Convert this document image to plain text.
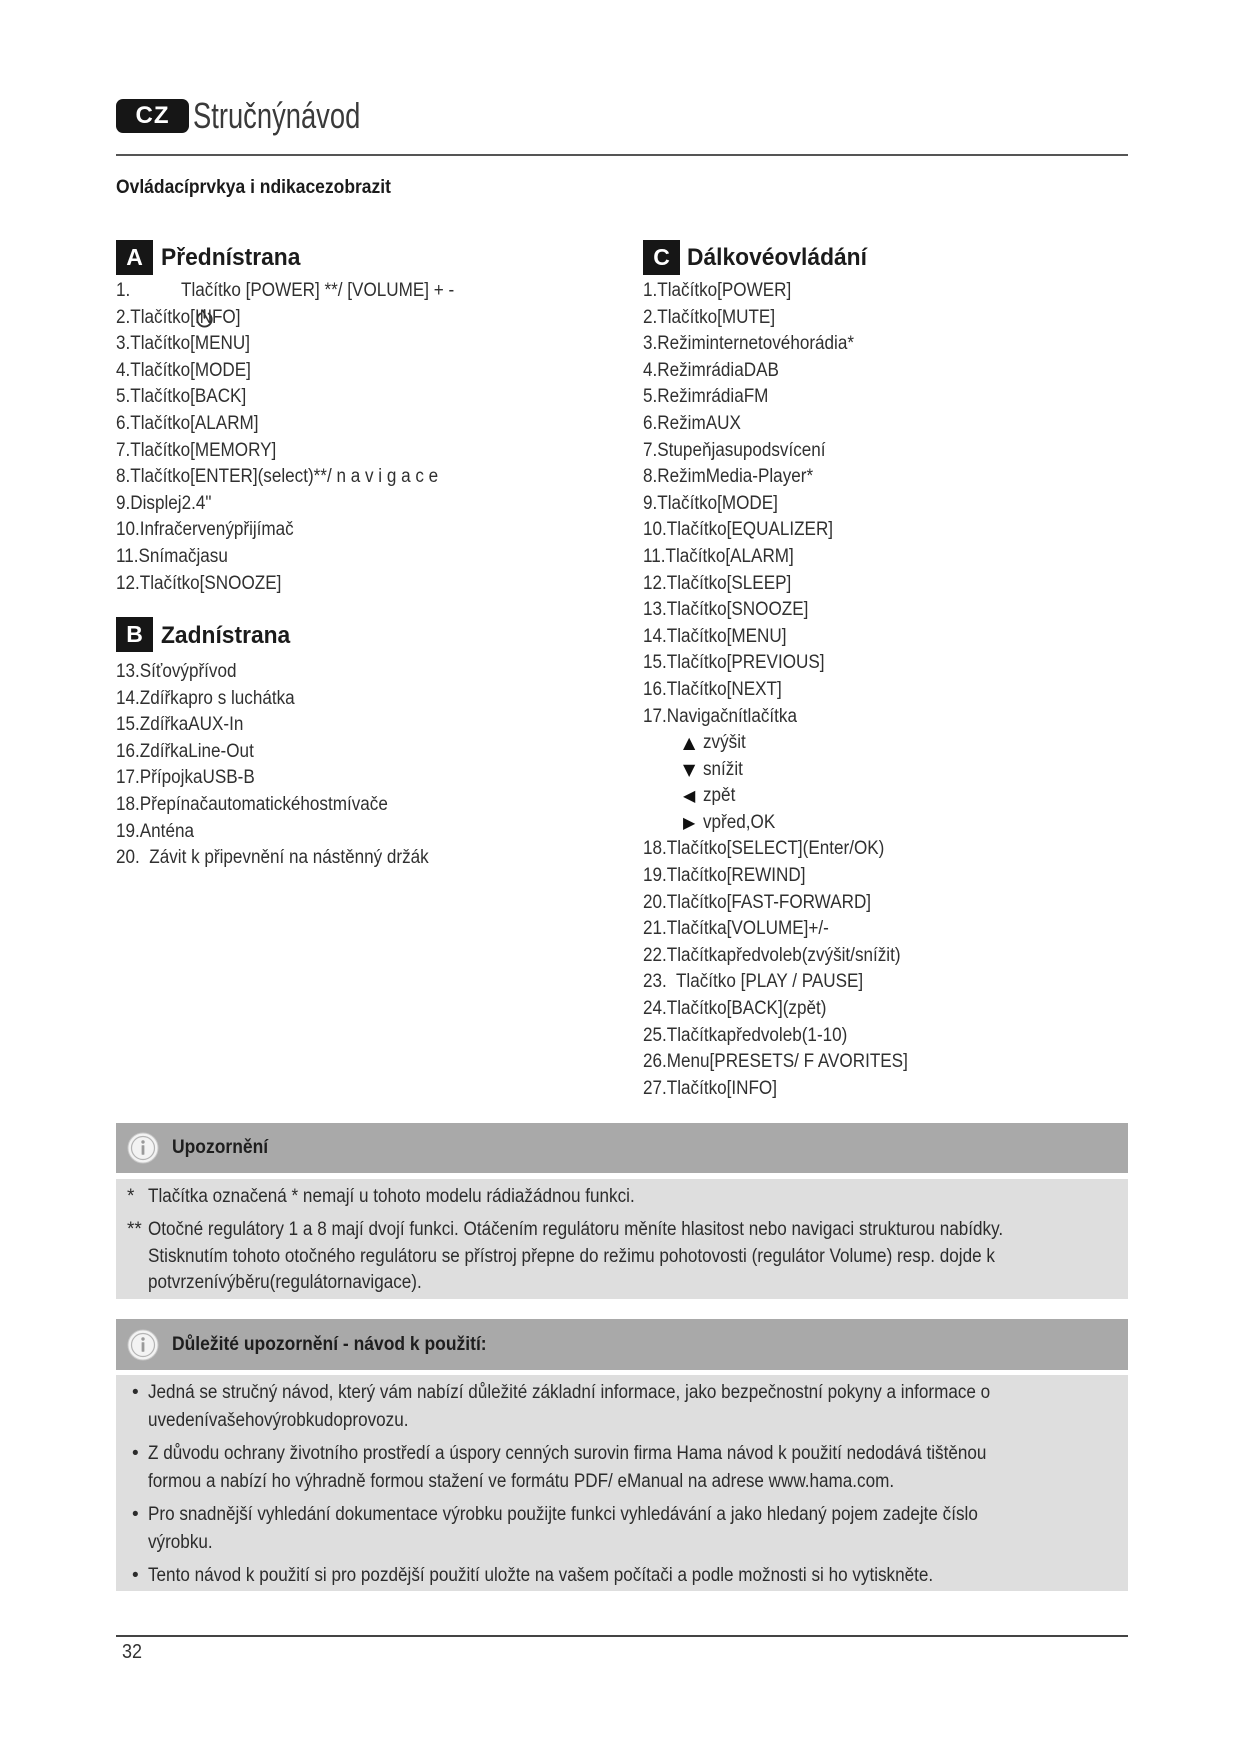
CZ Stručnýnávod
Ovládacíprvkya i ndikacezobrazit
A Přednístrana

1.

	Tlačítko [POWER] **/ [VOLUME] + -

2.Tlačítko[INFO]
3.Tlačítko[MENU]
4.Tlačítko[MODE]
5.Tlačítko[BACK]
6.Tlačítko[ALARM]
7.Tlačítko[MEMORY]
8.Tlačítko[ENTER](select)**/ n a v i g a c e
9.Displej2.4"
10.Infračervenýpřijímač
11.Snímačjasu
12.Tlačítko[SNOOZE]
B Zadnístrana
13.Síťovýpřívod
14.Zdířkapro s luchátka
15.ZdířkaAUX-In
16.ZdířkaLine-Out
17.PřípojkaUSB-B
18.Přepínačautomatickéhostmívače
19.Anténa
20.  Závit k připevnění na nástěnný držák
C Dálkovéovládání
1.Tlačítko[POWER]
2.Tlačítko[MUTE]
3.Režiminternetovéhorádia*
4.RežimrádiaDAB
5.RežimrádiaFM
6.RežimAUX
7.Stupeňjasupodsvícení
8.RežimMedia-Player*
9.Tlačítko[MODE]
10.Tlačítko[EQUALIZER]
11.Tlačítko[ALARM]
12.Tlačítko[SLEEP]
13.Tlačítko[SNOOZE]
14.Tlačítko[MENU]
15.Tlačítko[PREVIOUS]
16.Tlačítko[NEXT]
17.Navigačnítlačítka

▲

zvýšit

▼

snížit

◀

zpět

▶

vpřed,OK

18.Tlačítko[SELECT](Enter/OK)
19.Tlačítko[REWIND]
20.Tlačítko[FAST-FORWARD]
21.Tlačítka[VOLUME]+/-
22.Tlačítkapředvoleb(zvýšit/snížit)
23.  Tlačítko [PLAY / PAUSE]
24.Tlačítko[BACK](zpět)
25.Tlačítkapředvoleb(1-10)
26.Menu[PRESETS/ F AVORITES]
27.Tlačítko[INFO]
Upozornění
* Tlačítka označená * nemají u tohoto modelu rádiažádnou funkci.
** Otočné regulátory 1 a 8 mají dvojí funkci. Otáčením regulátoru měníte hlasitost nebo navigaci strukturou nabídky.
Stisknutím tohoto otočného regulátoru se přístroj přepne do režimu pohotovosti (regulátor Volume) resp. dojde k
potvrzenívýběru(regulátornavigace).
Důležité upozornění - návod k použití:
• Jedná se stručný návod, který vám nabízí důležité základní informace, jako bezpečnostní pokyny a informace o
uvedenívašehovýrobkudoprovozu.
• Z důvodu ochrany životního prostředí a úspory cenných surovin firma Hama návod k použití nedodává tištěnou
formou a nabízí ho výhradně formou stažení ve formátu PDF/ eManual na adrese www.hama.com.
• Pro snadnější vyhledání dokumentace výrobku použijte funkci vyhledávání a jako hledaný pojem zadejte číslo
výrobku.
• Tento návod k použití si pro pozdější použití uložte na vašem počítači a podle možnosti si ho vytiskněte.
32
